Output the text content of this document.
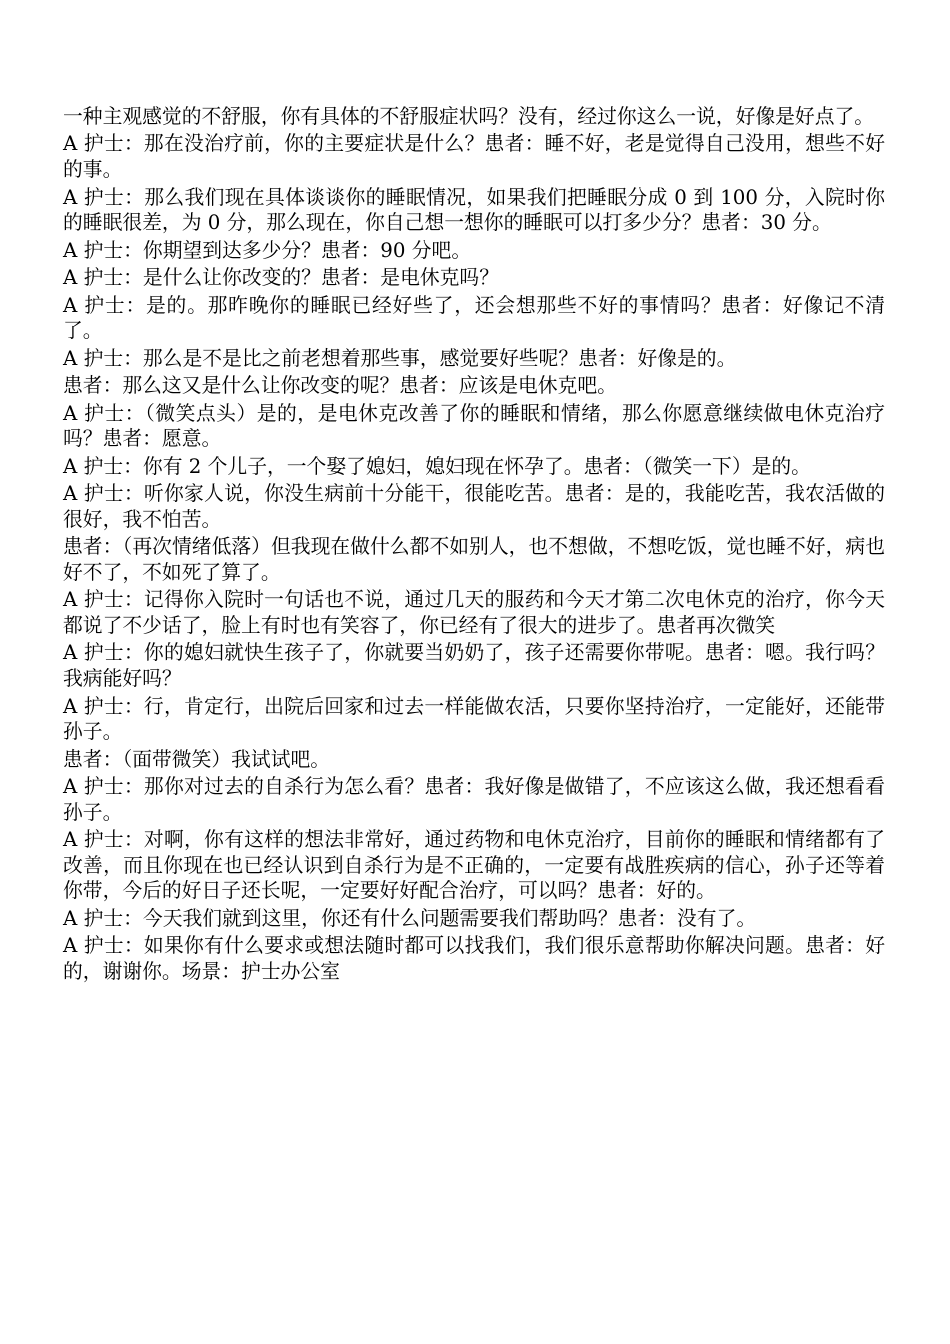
一种主观感觉的不舒服，你有具体的不舒服症状吗？没有，经过你这么一说，好像是好点了。

A 护士：那在没治疗前，你的主要症状是什么？患者：睡不好，老是觉得自己没用，想些不好的事。

A 护士：那么我们现在具体谈谈你的睡眠情况，如果我们把睡眠分成 0 到 100 分，入院时你的睡眠很差，为 0 分，那么现在，你自己想一想你的睡眠可以打多少分？患者：30 分。

A 护士：你期望到达多少分？患者：90 分吧。

A 护士：是什么让你改变的？患者：是电休克吗？

A 护士：是的。那昨晚你的睡眠已经好些了，还会想那些不好的事情吗？患者：好像记不清了。

A 护士：那么是不是比之前老想着那些事，感觉要好些呢？患者：好像是的。

患者：那么这又是什么让你改变的呢？患者：应该是电休克吧。

A 护士：（微笑点头）是的，是电休克改善了你的睡眠和情绪，那么你愿意继续做电休克治疗吗？患者：愿意。

A 护士：你有 2 个儿子，一个娶了媳妇，媳妇现在怀孕了。患者：（微笑一下）是的。

A 护士：听你家人说，你没生病前十分能干，很能吃苦。患者：是的，我能吃苦，我农活做的很好，我不怕苦。

患者：（再次情绪低落）但我现在做什么都不如别人，也不想做，不想吃饭，觉也睡不好，病也好不了，不如死了算了。

A 护士：记得你入院时一句话也不说，通过几天的服药和今天才第二次电休克的治疗，你今天都说了不少话了，脸上有时也有笑容了，你已经有了很大的进步了。患者再次微笑

A 护士：你的媳妇就快生孩子了，你就要当奶奶了，孩子还需要你带呢。患者：嗯。我行吗？我病能好吗？

A 护士：行，肯定行，出院后回家和过去一样能做农活，只要你坚持治疗，一定能好，还能带孙子。

患者：（面带微笑）我试试吧。

A 护士：那你对过去的自杀行为怎么看？患者：我好像是做错了，不应该这么做，我还想看看孙子。

A 护士：对啊，你有这样的想法非常好，通过药物和电休克治疗，目前你的睡眠和情绪都有了改善，而且你现在也已经认识到自杀行为是不正确的，一定要有战胜疾病的信心，孙子还等着你带，今后的好日子还长呢，一定要好好配合治疗，可以吗？患者：好的。

A 护士：今天我们就到这里，你还有什么问题需要我们帮助吗？患者：没有了。

A 护士：如果你有什么要求或想法随时都可以找我们，我们很乐意帮助你解决问题。患者：好的，谢谢你。场景：护士办公室
